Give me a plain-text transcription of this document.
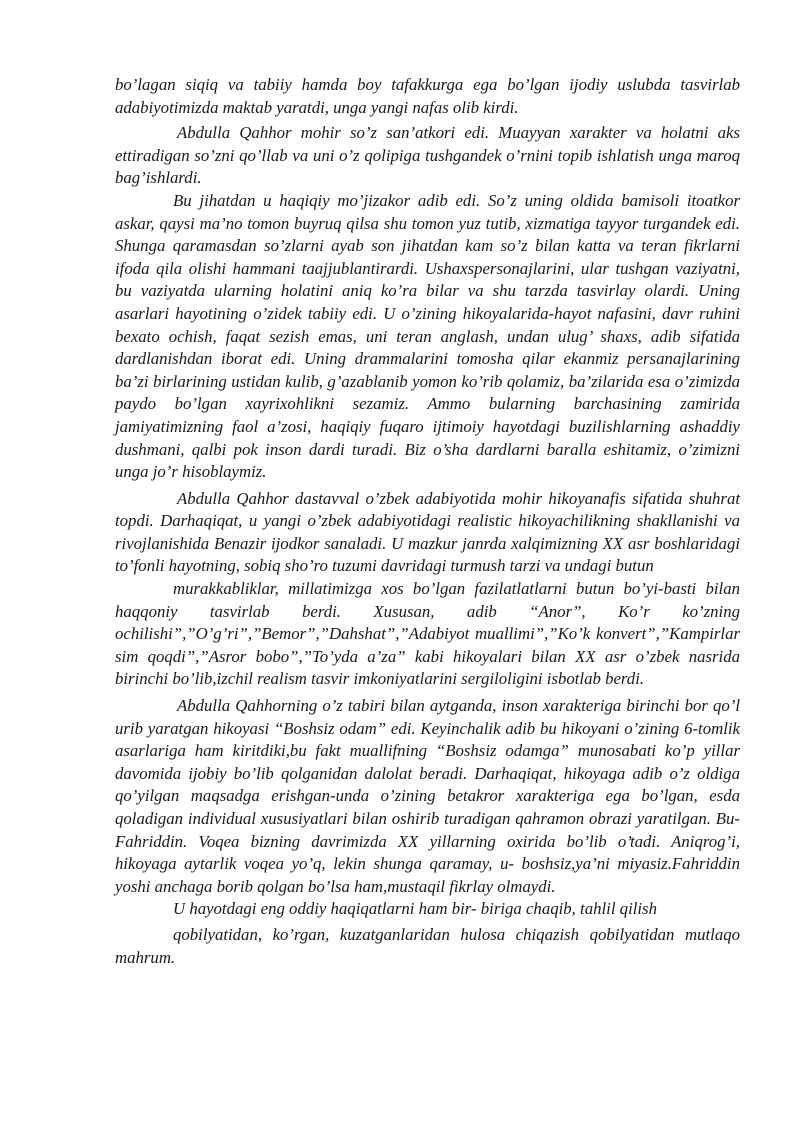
bo’lagan siqiq va tabiiy hamda boy tafakkurga ega bo’lgan ijodiy uslubda tasvirlab adabiyotimizda maktab yaratdi, unga yangi nafas olib kirdi.

Abdulla Qahhor mohir so’z san’atkori edi. Muayyan xarakter va holatni aks ettiradigan so’zni qo’llab va uni o’z qolipiga tushgandek o’rnini topib ishlatish unga maroq bag’ishlardi.

Bu jihatdan u haqiqiy mo’jizakor adib edi. So’z uning oldida bamisoli itoatkor askar, qaysi ma’no tomon buyruq qilsa shu tomon yuz tutib, xizmatiga tayyor turgandek edi. Shunga qaramasdan so’zlarni ayab son jihatdan kam so’z bilan katta va teran fikrlarni ifoda qila olishi hammani taajjublantirardi. Ushaxspersonajlarini, ular tushgan vaziyatni, bu vaziyatda ularning holatini aniq ko’ra bilar va shu tarzda tasvirlay olardi. Uning asarlari hayotining o’zidek tabiiy edi. U o’zining hikoyalarida-hayot nafasini, davr ruhini bexato ochish, faqat sezish emas, uni teran anglash, undan ulug’ shaxs, adib sifatida dardlanishdan iborat edi. Uning drammalarini tomosha qilar ekanmiz persanajlarining ba’zi birlarining ustidan kulib, g’azablanib yomon ko’rib qolamiz, ba’zilarida esa o’zimizda paydo bo’lgan xayrixohlikni sezamiz. Ammo bularning barchasining zamirida jamiyatimizning faol a’zosi, haqiqiy fuqaro ijtimoiy hayotdagi buzilishlarning ashaddiy dushmani, qalbi pok inson dardi turadi. Biz o’sha dardlarni baralla eshitamiz, o’zimizni unga jo’r hisoblaymiz.

Abdulla Qahhor dastavval o’zbek adabiyotida mohir hikoyanafis sifatida shuhrat topdi. Darhaqiqat, u yangi o’zbek adabiyotidagi realistic hikoyachilikning shakllanishi va rivojlanishida Benazir ijodkor sanaladi. U mazkur janrda xalqimizning XX asr boshlaridagi to’fonli hayotning, sobiq sho’ro tuzumi davridagi turmush tarzi va undagi butun

murakkabliklar, millatimizga xos bo’lgan fazilatlatlarni butun bo’yi-basti bilan haqqoniy tasvirlab berdi. Xususan, adib “Anor”, Ko’r ko’zning ochilishi”,”O’g’ri”,”Bemor”,”Dahshat”,”Adabiyot muallimi”,”Ko’k konvert”,”Kampirlar sim qoqdi”,”Asror bobo”,”To’yda a’za” kabi hikoyalari bilan XX asr o’zbek nasrida birinchi bo’lib,izchil realism tasvir imkoniyatlarini sergiloligini isbotlab berdi.

Abdulla Qahhorning o’z tabiri bilan aytganda, inson xarakteriga birinchi bor qo’l urib yaratgan hikoyasi “Boshsiz odam” edi. Keyinchalik adib bu hikoyani o’zining 6-tomlik asarlariga ham kiritdiki,bu fakt muallifning “Boshsiz odamga” munosabati ko’p yillar davomida ijobiy bo’lib qolganidan dalolat beradi. Darhaqiqat, hikoyaga adib o’z oldiga qo’yilgan maqsadga erishgan-unda o’zining betakror xarakteriga ega bo’lgan, esda qoladigan individual xususiyatlari bilan oshirib turadigan qahramon obrazi yaratilgan. Bu-Fahriddin. Voqea bizning davrimizda XX yillarning oxirida bo’lib o’tadi. Aniqrog’i, hikoyaga aytarlik voqea yo’q, lekin shunga qaramay, u- boshsiz,ya’ni miyasiz.Fahriddin yoshi anchaga borib qolgan bo’lsa ham,mustaqil fikrlay olmaydi.

U hayotdagi eng oddiy haqiqatlarni ham bir- biriga chaqib, tahlil qilish

qobilyatidan, ko’rgan, kuzatganlaridan hulosa chiqazish qobilyatidan mutlaqo mahrum.
